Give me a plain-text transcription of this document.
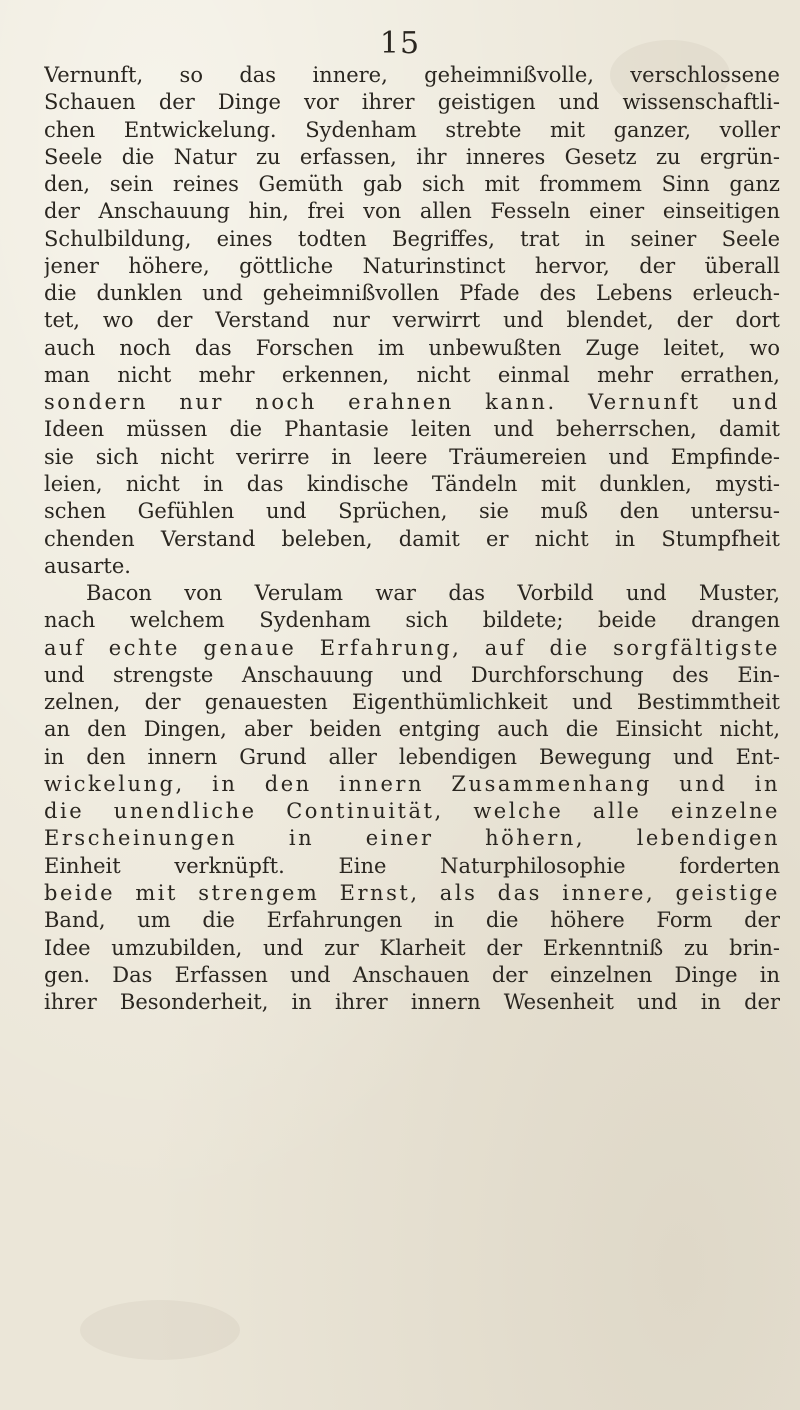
15
Vernunft, so das innere, geheimnißvolle, verschlossene
Schauen der Dinge vor ihrer geistigen und wissenschaftli-
chen Entwickelung. Sydenham strebte mit ganzer, voller
Seele die Natur zu erfassen, ihr inneres Gesetz zu ergrün-
den, sein reines Gemüth gab sich mit frommem Sinn ganz
der Anschauung hin, frei von allen Fesseln einer einseitigen
Schulbildung, eines todten Begriffes, trat in seiner Seele
jener höhere, göttliche Naturinstinct hervor, der überall
die dunklen und geheimnißvollen Pfade des Lebens erleuch-
tet, wo der Verstand nur verwirrt und blendet, der dort
auch noch das Forschen im unbewußten Zuge leitet, wo
man nicht mehr erkennen, nicht einmal mehr errathen,
sondern nur noch erahnen kann. Vernunft und
Ideen müssen die Phantasie leiten und beherrschen, damit
sie sich nicht verirre in leere Träumereien und Empfinde-
leien, nicht in das kindische Tändeln mit dunklen, mysti-
schen Gefühlen und Sprüchen, sie muß den untersu-
chenden Verstand beleben, damit er nicht in Stumpfheit
ausarte.
Bacon von Verulam war das Vorbild und Muster,
nach welchem Sydenham sich bildete; beide drangen
auf echte genaue Erfahrung, auf die sorgfältigste
und strengste Anschauung und Durchforschung des Ein-
zelnen, der genauesten Eigenthümlichkeit und Bestimmtheit
an den Dingen, aber beiden entging auch die Einsicht nicht,
in den innern Grund aller lebendigen Bewegung und Ent-
wickelung, in den innern Zusammenhang und in
die unendliche Continuität, welche alle einzelne
Erscheinungen in einer höhern, lebendigen
Einheit verknüpft. Eine Naturphilosophie forderten
beide mit strengem Ernst, als das innere, geistige
Band, um die Erfahrungen in die höhere Form der
Idee umzubilden, und zur Klarheit der Erkenntniß zu brin-
gen. Das Erfassen und Anschauen der einzelnen Dinge in
ihrer Besonderheit, in ihrer innern Wesenheit und in der
